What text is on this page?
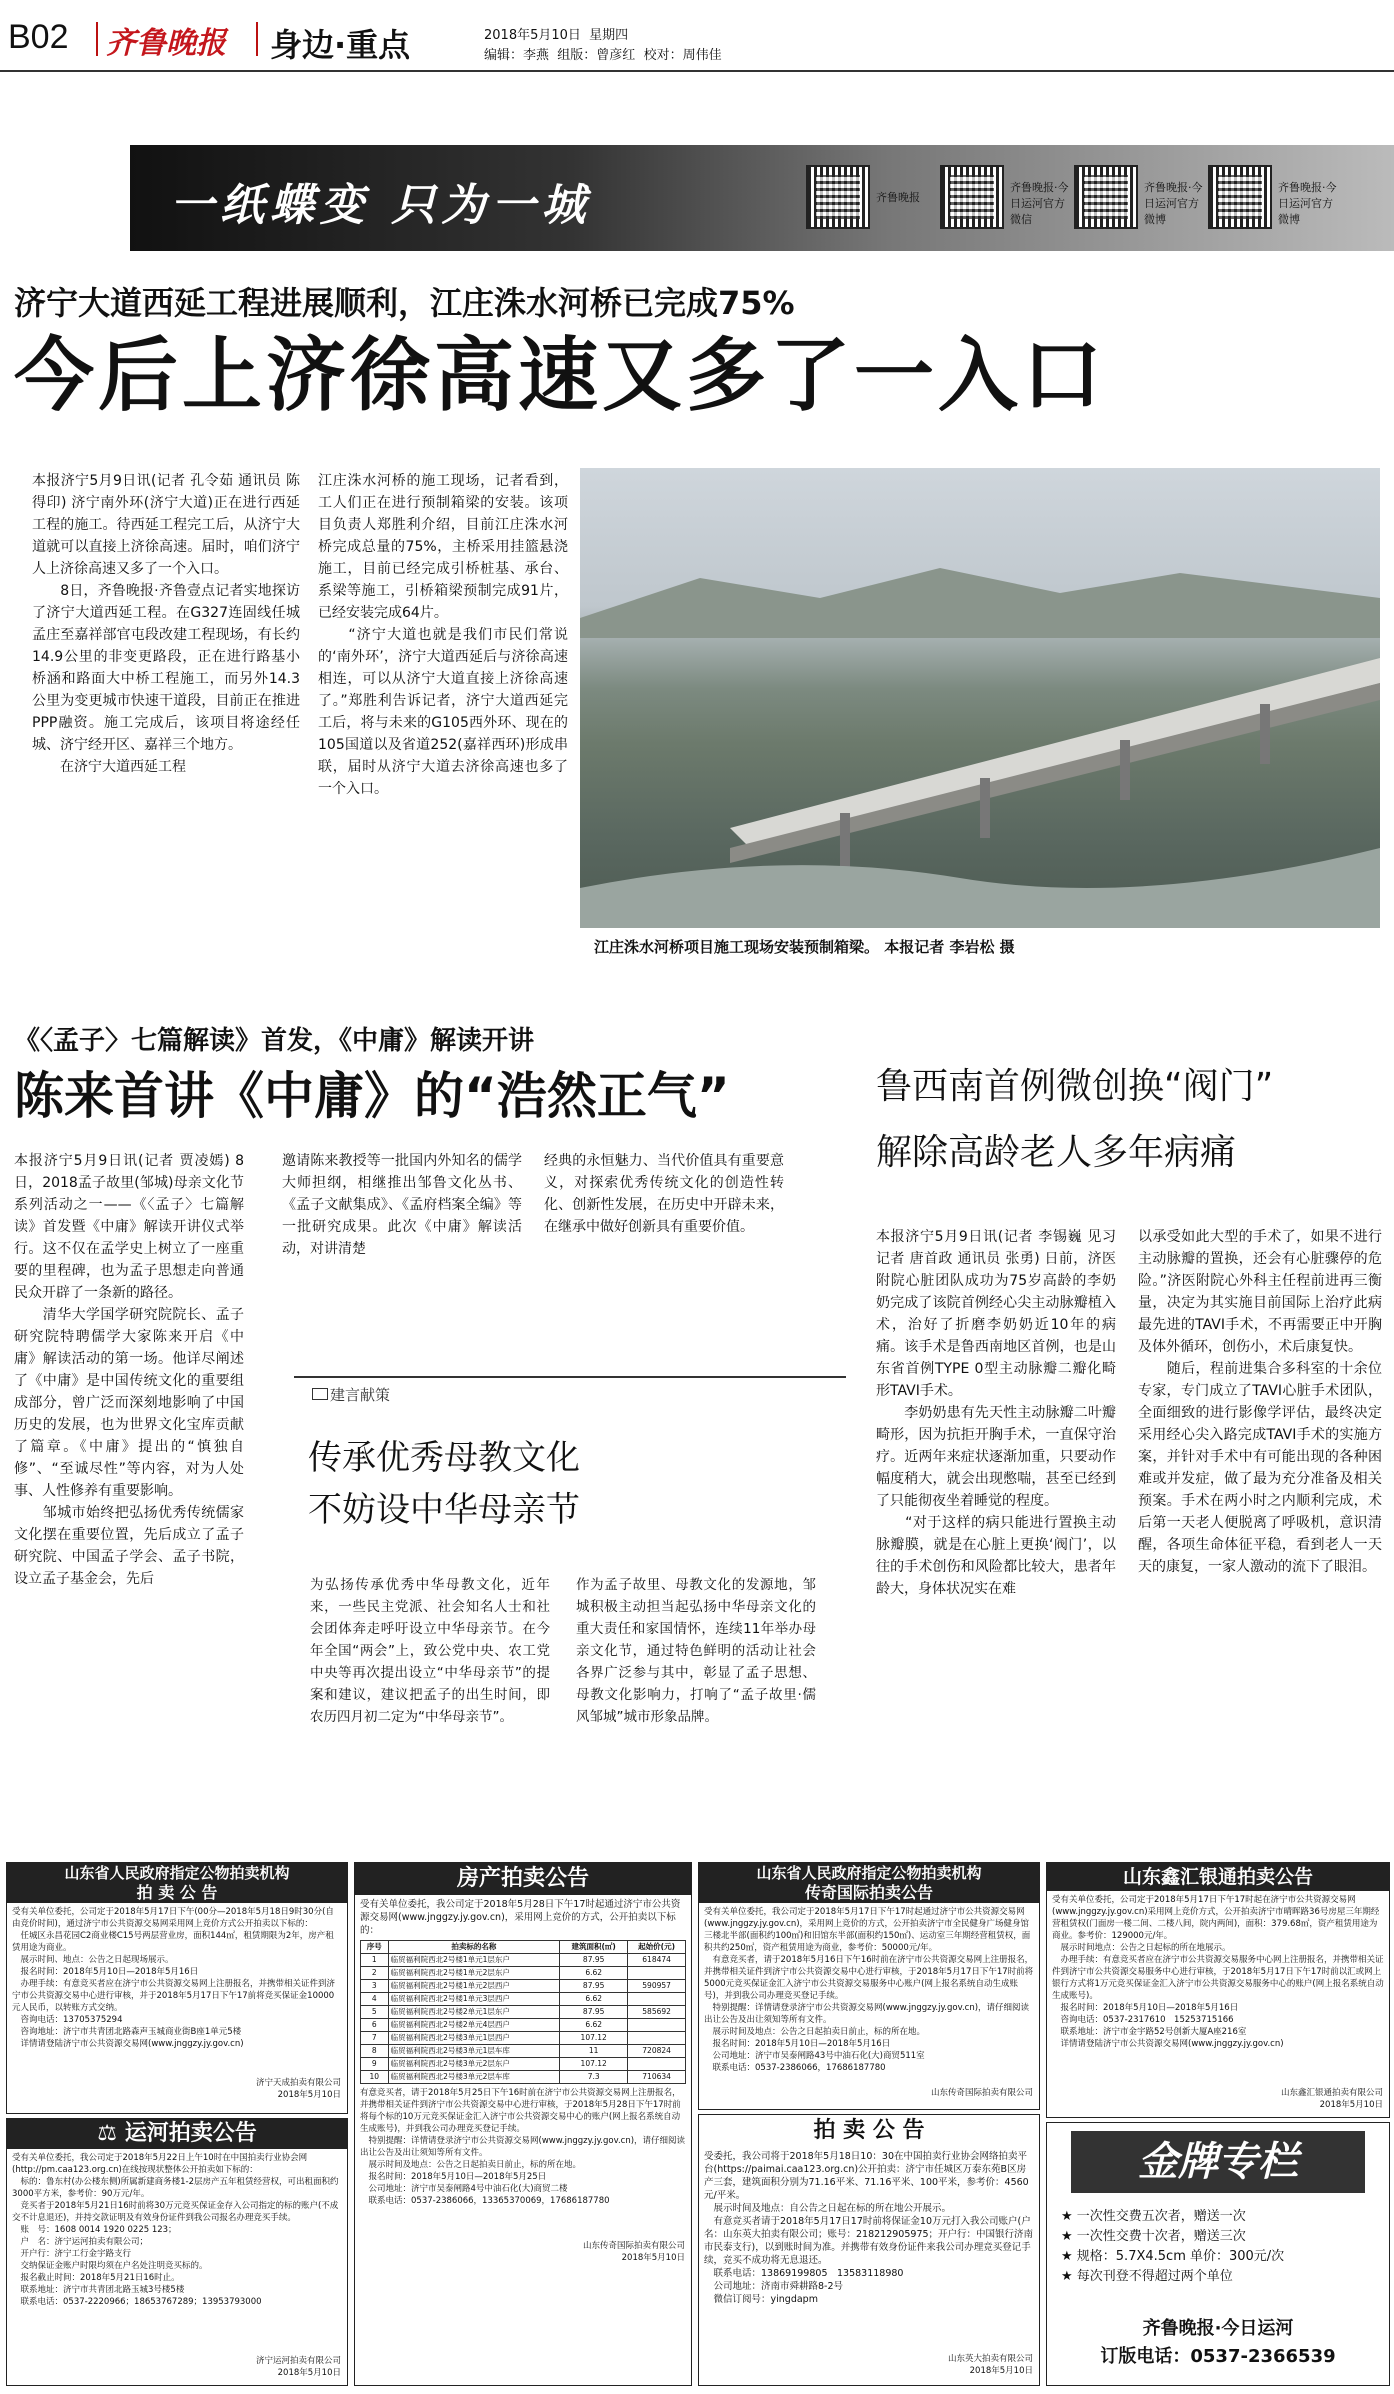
B02 齐鲁晚报 身边·重点	2018年5月10日 星期四
编辑：李燕 组版：曾彦红 校对：周伟佳
一纸蝶变 只为一城	齐鲁晚报
齐鲁晚报·今日运河官方微信
齐鲁晚报·今日运河官方微博
齐鲁晚报·今日运河官方微博
济宁大道西延工程进展顺利，江庄洙水河桥已完成75%
今后上济徐高速又多了一入口
本报济宁5月9日讯(记者 孔令茹 通讯员 陈得印) 济宁南外环(济宁大道)正在进行西延工程的施工。待西延工程完工后，从济宁大道就可以直接上济徐高速。届时，咱们济宁人上济徐高速又多了一个入口。
　　8日，齐鲁晚报·齐鲁壹点记者实地探访了济宁大道西延工程。在G327连固线任城孟庄至嘉祥部官屯段改建工程现场，有长约14.9公里的非变更路段，正在进行路基小桥涵和路面大中桥工程施工，而另外14.3公里为变更城市快速干道段，目前正在推进PPP融资。施工完成后，该项目将途经任城、济宁经开区、嘉祥三个地方。
　　在济宁大道西延工程
江庄洙水河桥的施工现场，记者看到，工人们正在进行预制箱梁的安装。该项目负责人郑胜利介绍，目前江庄洙水河桥完成总量的75%，主桥采用挂篮悬浇施工，目前已经完成引桥桩基、承台、系梁等施工，引桥箱梁预制完成91片，已经安装完成64片。
　　“济宁大道也就是我们市民们常说的‘南外环’，济宁大道西延后与济徐高速相连，可以从济宁大道直接上济徐高速了。”郑胜利告诉记者，济宁大道西延完工后，将与未来的G105西外环、现在的105国道以及省道252(嘉祥西环)形成串联，届时从济宁大道去济徐高速也多了一个入口。
江庄洙水河桥项目施工现场安装预制箱梁。 本报记者 李岩松 摄
《〈孟子〉七篇解读》首发，《中庸》解读开讲
陈来首讲《中庸》的“浩然正气”
本报济宁5月9日讯(记者 贾凌嫣) 8日，2018孟子故里(邹城)母亲文化节系列活动之一——《〈孟子〉七篇解读》首发暨《中庸》解读开讲仪式举行。这不仅在孟学史上树立了一座重要的里程碑，也为孟子思想走向普通民众开辟了一条新的路径。
　　清华大学国学研究院院长、孟子研究院特聘儒学大家陈来开启《中庸》解读活动的第一场。他详尽阐述了《中庸》是中国传统文化的重要组成部分，曾广泛而深刻地影响了中国历史的发展，也为世界文化宝库贡献了篇章。《中庸》提出的“慎独自修”、“至诚尽性”等内容，对为人处事、人性修养有重要影响。
　　邹城市始终把弘扬优秀传统儒家文化摆在重要位置，先后成立了孟子研究院、中国孟子学会、孟子书院，设立孟子基金会，先后
邀请陈来教授等一批国内外知名的儒学大师担纲，相继推出邹鲁文化丛书、《孟子文献集成》、《孟府档案全编》等一批研究成果。此次《中庸》解读活动，对讲清楚
经典的永恒魅力、当代价值具有重要意义，对探索优秀传统文化的创造性转化、创新性发展，在历史中开辟未来，在继承中做好创新具有重要价值。
建言献策
传承优秀母教文化
不妨设中华母亲节
为弘扬传承优秀中华母教文化，近年来，一些民主党派、社会知名人士和社会团体奔走呼吁设立中华母亲节。在今年全国“两会”上，致公党中央、农工党中央等再次提出设立“中华母亲节”的提案和建议，建议把孟子的出生时间，即农历四月初二定为“中华母亲节”。
作为孟子故里、母教文化的发源地，邹城积极主动担当起弘扬中华母亲文化的重大责任和家国情怀，连续11年举办母亲文化节，通过特色鲜明的活动让社会各界广泛参与其中，彰显了孟子思想、母教文化影响力，打响了“孟子故里·儒风邹城”城市形象品牌。
鲁西南首例微创换“阀门”
解除高龄老人多年病痛
本报济宁5月9日讯(记者 李锡巍 见习记者 唐首政 通讯员 张勇) 日前，济医附院心脏团队成功为75岁高龄的李奶奶完成了该院首例经心尖主动脉瓣植入术，治好了折磨李奶奶近10年的病痛。该手术是鲁西南地区首例，也是山东省首例TYPE 0型主动脉瓣二瓣化畸形TAVI手术。
　　李奶奶患有先天性主动脉瓣二叶瓣畸形，因为抗拒开胸手术，一直保守治疗。近两年来症状逐渐加重，只要动作幅度稍大，就会出现憋喘，甚至已经到了只能彻夜坐着睡觉的程度。
　　“对于这样的病只能进行置换主动脉瓣膜，就是在心脏上更换‘阀门’，以往的手术创伤和风险都比较大，患者年龄大，身体状况实在难
以承受如此大型的手术了，如果不进行主动脉瓣的置换，还会有心脏骤停的危险。”济医附院心外科主任程前进再三衡量，决定为其实施目前国际上治疗此病最先进的TAVI手术，不再需要正中开胸及体外循环，创伤小，术后康复快。
　　随后，程前进集合多科室的十余位专家，专门成立了TAVI心脏手术团队，全面细致的进行影像学评估，最终决定采用经心尖入路完成TAVI手术的实施方案，并针对手术中有可能出现的各种困难或并发症，做了最为充分准备及相关预案。手术在两小时之内顺利完成，术后第一天老人便脱离了呼吸机，意识清醒，各项生命体征平稳，看到老人一天天的康复，一家人激动的流下了眼泪。
山东省人民政府指定公物拍卖机构
拍 卖 公 告
受有关单位委托，公司定于2018年5月17日下午(00分—2018年5月18日9时30分(自由竞价时间)，通过济宁市公共资源交易网采用网上竞价方式公开拍卖以下标的：
　任城区永昌花园C2商业楼C15号两层营业房，面积144㎡，租赁期限为2年，房产租赁用途为商业。
　展示时间、地点：公告之日起现场展示。
　报名时间：2018年5月10日—2018年5月16日
　办理手续：有意竞买者应在济宁市公共资源交易网上注册报名，并携带相关证件到济宁市公共资源交易中心进行审核，并于2018年5月17日下午17前将竞买保证金10000元人民币，以转账方式交纳。
　咨询电话：13705375294
　咨询地址：济宁市共青团北路森声玉城商业街B座1单元5楼
　详情请登陆济宁市公共资源交易网(www.jnggzy.jy.gov.cn)
济宁天成拍卖有限公司
2018年5月10日
⚖ 运河拍卖公告
受有关单位委托，我公司定于2018年5月22日上午10时在中国拍卖行业协会网(http://pm.caa123.org.cn)在线按现状整体公开拍卖如下标的：
　标的：鲁东村(办公楼东侧)所属新建商务楼1-2层房产五年租赁经营权，可出租面积约3000平方米，参考价：90万元/年。
　竞买者于2018年5月21日16时前将30万元竞买保证金存入公司指定的标的账户(不成交不计息退还)，并持交款证明及有效身份证件到我公司报名办理竞买手续。
　账　号：1608 0014 1920 0225 123；
　户　名：济宁运河拍卖有限公司；
　开户行：济宁工行金宇路支行
　交纳保证金账户时限均须在户名处注明竞买标的。
　报名截止时间：2018年5月21日16时止。
　联系地址：济宁市共青团北路玉城3号楼5楼
　联系电话：0537-2220966；18653767289；13953793000
济宁运河拍卖有限公司
2018年5月10日
房产拍卖公告
受有关单位委托，我公司定于2018年5月28日下午17时起通过济宁市公共资源交易网(www.jnggzy.jy.gov.cn)，采用网上竞价的方式，公开拍卖以下标的：
序号	拍卖标的名称	建筑面积(㎡)	起始价(元)
1	临贸福利院西北2号楼1单元1层东户	87.95	618474
2	临贸福利院西北2号楼1单元2层东户	6.62	
3	临贸福利院西北2号楼1单元2层西户	87.95	590957
4	临贸福利院西北2号楼1单元3层西户	6.62	
5	临贸福利院西北2号楼2单元1层东户	87.95	585692
6	临贸福利院西北2号楼2单元4层西户	6.62	
7	临贸福利院西北2号楼3单元1层西户	107.12	
8	临贸福利院西北2号楼3单元1层车库	11	720824
9	临贸福利院西北2号楼3单元2层东户	107.12	
10	临贸福利院西北2号楼3单元2层车库	7.3	710634
有意竞买者，请于2018年5月25日下午16时前在济宁市公共资源交易网上注册报名，并携带相关证件到济宁市公共资源交易中心进行审核，于2018年5月28日下午17时前将每个标的10万元竞买保证金汇入济宁市公共资源交易中心的账户(网上报名系统自动生成账号)，并到我公司办理竞买登记手续。
　特别提醒：详情请登录济宁市公共资源交易网(www.jnggzy.jy.gov.cn)，请仔细阅读出让公告及出让须知等所有文件。
　展示时间及地点：公告之日起拍卖日前止，标的所在地。
　报名时间：2018年5月10日—2018年5月25日
　公司地址：济宁市吴泰闸路4号中油石化(大)商贸二楼
　联系电话：0537-2386066，13365370069，17686187780
山东传奇国际拍卖有限公司
2018年5月10日
山东省人民政府指定公物拍卖机构
传奇国际拍卖公告
受有关单位委托，我公司定于2018年5月17日下午17时起通过济宁市公共资源交易网(www.jnggzy.jy.gov.cn)，采用网上竞价的方式，公开拍卖济宁市全民健身广场健身馆三楼北半部(面积约100㎡)和旧馆东半部(面积约150㎡)、运动室三年期经营租赁权，面积共约250㎡，资产租赁用途为商业，参考价：50000元/年。
　有意竞买者，请于2018年5月16日下午16时前在济宁市公共资源交易网上注册报名，并携带相关证件到济宁市公共资源交易中心进行审核，于2018年5月17日下午17时前将5000元竞买保证金汇入济宁市公共资源交易服务中心账户(网上报名系统自动生成账号)，并到我公司办理竞买登记手续。
　特别提醒：详情请登录济宁市公共资源交易网(www.jnggzy.jy.gov.cn)，请仔细阅读出让公告及出让须知等所有文件。
　展示时间及地点：公告之日起拍卖日前止，标的所在地。
　报名时间：2018年5月10日—2018年5月16日
　公司地址：济宁市吴泰闸路43号中油石化(大)商贸511室
　联系电话：0537-2386066，17686187780
山东传奇国际拍卖有限公司
拍 卖 公 告
受委托，我公司将于2018年5月18日10：30在中国拍卖行业协会网络拍卖平台(https://paimai.caa123.org.cn)公开拍卖：济宁市任城区万泰东苑B区房产三套，建筑面积分别为71.16平米、71.16平米、100平米，参考价：4560元/平米。
　展示时间及地点：自公告之日起在标的所在地公开展示。
　有意竞买者请于2018年5月17日17时前将保证金10万元打入我公司账户(户名：山东英大拍卖有限公司；账号：218212905975；开户行：中国银行济南市民泰支行)，以到账时间为准。并携带有效身份证件来我公司办理竞买登记手续，竞买不成功将无息退还。
　联系电话：13869199805　13583118980
　公司地址：济南市舜耕路8-2号
　微信订阅号：yingdapm
山东英大拍卖有限公司
2018年5月10日
山东鑫汇银通拍卖公告
受有关单位委托，公司定于2018年5月17日下午17时起在济宁市公共资源交易网(www.jnggzy.jy.gov.cn)采用网上竞价方式，公开拍卖济宁市晴晖路36号房屋三年期经营租赁权(门面房一楼二间、二楼八间，院内两间)，面积：379.68㎡，资产租赁用途为商业。参考价：129000元/年。
　展示时间地点：公告之日起标的所在地展示。
　办理手续：有意竞买者应在济宁市公共资源交易服务中心网上注册报名，并携带相关证件到济宁市公共资源交易服务中心进行审核，于2018年5月17日下午17时前以汇或网上银行方式将1万元竞买保证金汇入济宁市公共资源交易服务中心的账户(网上报名系统自动生成账号)。
　报名时间：2018年5月10日—2018年5月16日
　咨询电话：0537-2317610　15253715166
　联系地址：济宁市金宇路52号创新大厦A座216室
　详情请登陆济宁市公共资源交易网(www.jnggzy.jy.gov.cn)
山东鑫汇银通拍卖有限公司
2018年5月10日
金牌专栏
★ 一次性交费五次者，赠送一次
★ 一次性交费十次者，赠送三次
★ 规格：5.7X4.5cm 单价：300元/次
★ 每次刊登不得超过两个单位
齐鲁晚报·今日运河
订版电话：0537-2366539
